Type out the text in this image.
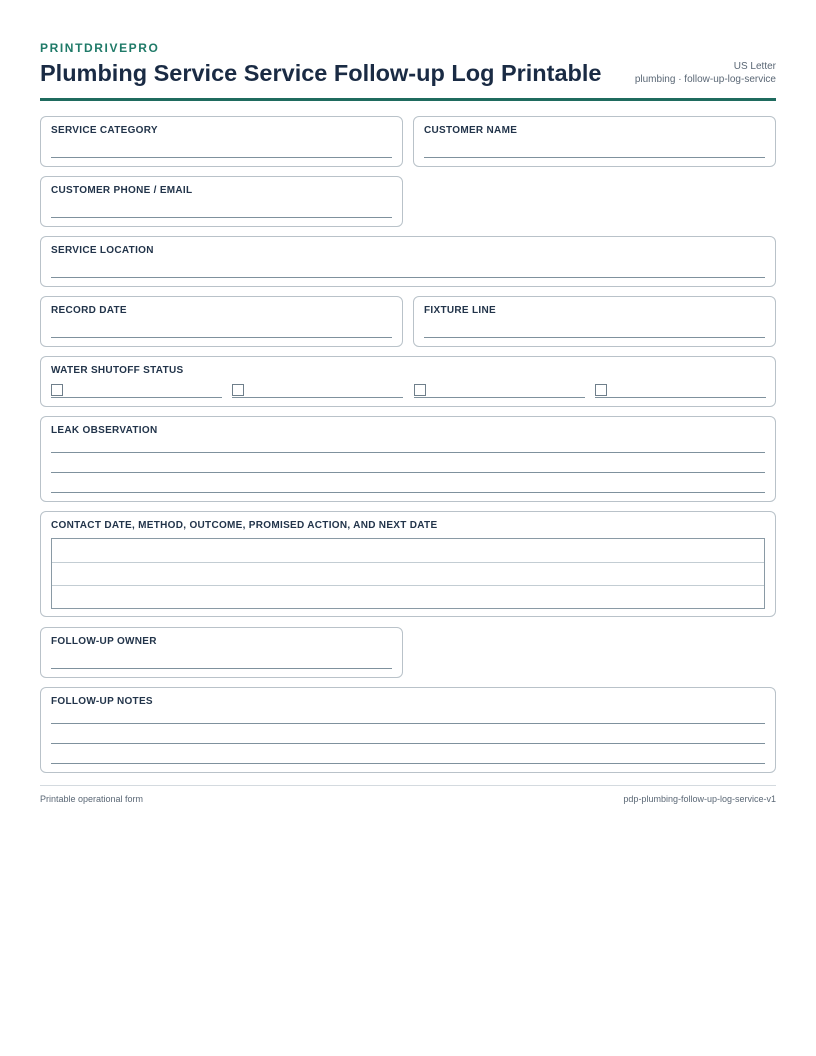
PRINTDRIVEPRO
Plumbing Service Service Follow-up Log Printable	US Letter
plumbing · follow-up-log-service
SERVICE CATEGORY	CUSTOMER NAME
CUSTOMER PHONE / EMAIL
SERVICE LOCATION
RECORD DATE	FIXTURE LINE
WATER SHUTOFF STATUS
LEAK OBSERVATION
CONTACT DATE, METHOD, OUTCOME, PROMISED ACTION, AND NEXT DATE
FOLLOW-UP OWNER
FOLLOW-UP NOTES
Printable operational form	pdp-plumbing-follow-up-log-service-v1
